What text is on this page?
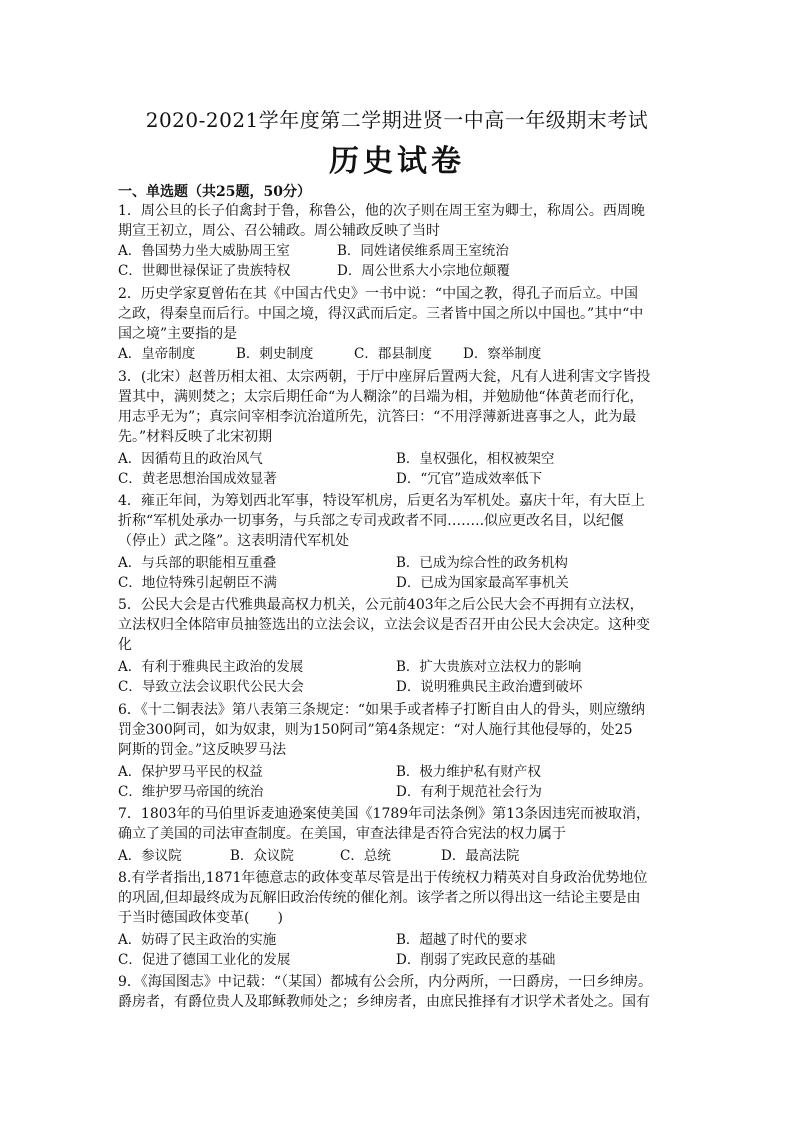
2020-2021学年度第二学期进贤一中高一年级期末考试
历史试卷
一、单选题（共25题，50分）
1．周公旦的长子伯禽封于鲁，称鲁公，他的次子则在周王室为卿士，称周公。西周晚
期宣王初立，周公、召公辅政。周公辅政反映了当时
A．鲁国势力坐大威胁周王室	B．同姓诸侯维系周王室统治
C．世卿世禄保证了贵族特权	D．周公世系大小宗地位颠覆
2．历史学家夏曾佑在其《中国古代史》一书中说：“中国之教，得孔子而后立。中国
之政，得秦皇而后行。中国之境，得汉武而后定。三者皆中国之所以中国也。”其中“中
国之境”主要指的是
A．皇帝制度	B．刺史制度	C．郡县制度 D．察举制度
3．(北宋）赵普历相太祖、太宗两朝，于厅中座屏后置两大瓮，凡有人进利害文字皆投
置其中，满则焚之；太宗后期任命“为人糊涂”的吕端为相，并勉励他“体黄老而行化，
用志乎无为”；真宗问宰相李沆治道所先，沆答曰：“不用浮薄新进喜事之人，此为最
先。”材料反映了北宋初期
A．因循苟且的政治风气	B．皇权强化，相权被架空
C．黄老思想治国成效显著	D．“冗官”造成效率低下
4．雍正年间，为筹划西北军事，特设军机房，后更名为军机处。嘉庆十年，有大臣上
折称“军机处承办一切事务，与兵部之专司戎政者不同……..似应更改名目，以纪偃
（停止）武之隆”。这表明清代军机处
A．与兵部的职能相互重叠	B．已成为综合性的政务机构
C．地位特殊引起朝臣不满	D．已成为国家最高军事机关
5．公民大会是古代雅典最高权力机关，公元前403年之后公民大会不再拥有立法权，
立法权归全体陪审员抽签选出的立法会议，立法会议是否召开由公民大会决定。这种变
化
A．有利于雅典民主政治的发展	B．扩大贵族对立法权力的影响
C．导致立法会议职代公民大会	D．说明雅典民主政治遭到破坏
6．《十二铜表法》第八表第三条规定：“如果手或者棒子打断自由人的骨头，则应缴纳
罚金300阿司，如为奴隶，则为150阿司”第4条规定：“对人施行其他侵辱的，处25
阿斯的罚金。”这反映罗马法
A．保护罗马平民的权益	B．极力维护私有财产权
C．维护罗马帝国的统治	D．有利于规范社会行为
7．1803年的马伯里诉麦迪逊案使美国《1789年司法条例》第13条因违宪而被取消，
确立了美国的司法审查制度。在美国，审查法律是否符合宪法的权力属于
A．参议院	B．众议院	C．总统	D．最高法院
8.有学者指出,1871年德意志的政体变革尽管是出于传统权力精英对自身政治优势地位
的巩固,但却最终成为瓦解旧政治传统的催化剂。该学者之所以得出这一结论主要是由
于当时德国政体变革(　　)
A．妨碍了民主政治的实施	B．超越了时代的要求
C．促进了德国工业化的发展	D．削弱了宪政民意的基础
9．《海国图志》中记载：“（某国）都城有公会所，内分两所，一曰爵房，一曰乡绅房。
爵房者，有爵位贵人及耶稣教师处之；乡绅房者，由庶民推择有才识学术者处之。国有
